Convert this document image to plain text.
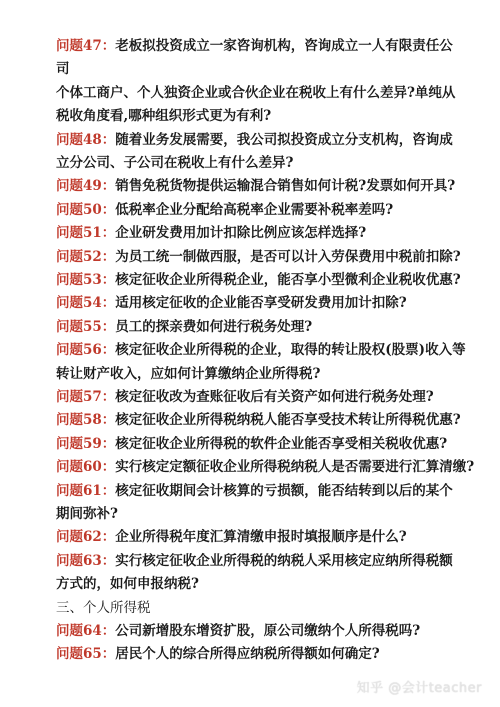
问题47：老板拟投资成立一家咨询机构，咨询成立一人有限责任公
司
个体工商户、个人独资企业或合伙企业在税收上有什么差异?单纯从
税收角度看,哪种组织形式更为有利?
问题48：随着业务发展需要，我公司拟投资成立分支机构，咨询成
立分公司、子公司在税收上有什么差异?
问题49：销售免税货物提供运输混合销售如何计税?发票如何开具?
问题50：低税率企业分配给高税率企业需要补税率差吗?
问题51：企业研发费用加计扣除比例应该怎样选择?
问题52：为员工统一制做西服，是否可以计入劳保费用中税前扣除?
问题53：核定征收企业所得税企业，能否享小型微利企业税收优惠?
问题54：适用核定征收的企业能否享受研发费用加计扣除?
问题55：员工的探亲费如何进行税务处理?
问题56：核定征收企业所得税的企业，取得的转让股权(股票)收入等
转让财产收入，应如何计算缴纳企业所得税?
问题57：核定征收改为查账征收后有关资产如何进行税务处理?
问题58：核定征收企业所得税纳税人能否享受技术转让所得税优惠?
问题59：核定征收企业所得税的软件企业能否享受相关税收优惠?
问题60：实行核定定额征收企业所得税纳税人是否需要进行汇算清缴?
问题61：核定征收期间会计核算的亏损额，能否结转到以后的某个
期间弥补?
问题62：企业所得税年度汇算清缴申报时填报顺序是什么?
问题63：实行核定征收企业所得税的纳税人采用核定应纳所得税额
方式的，如何申报纳税?
三、个人所得税
问题64：公司新增股东增资扩股，原公司缴纳个人所得税吗?
问题65：居民个人的综合所得应纳税所得额如何确定?
知乎 @会计teacher
